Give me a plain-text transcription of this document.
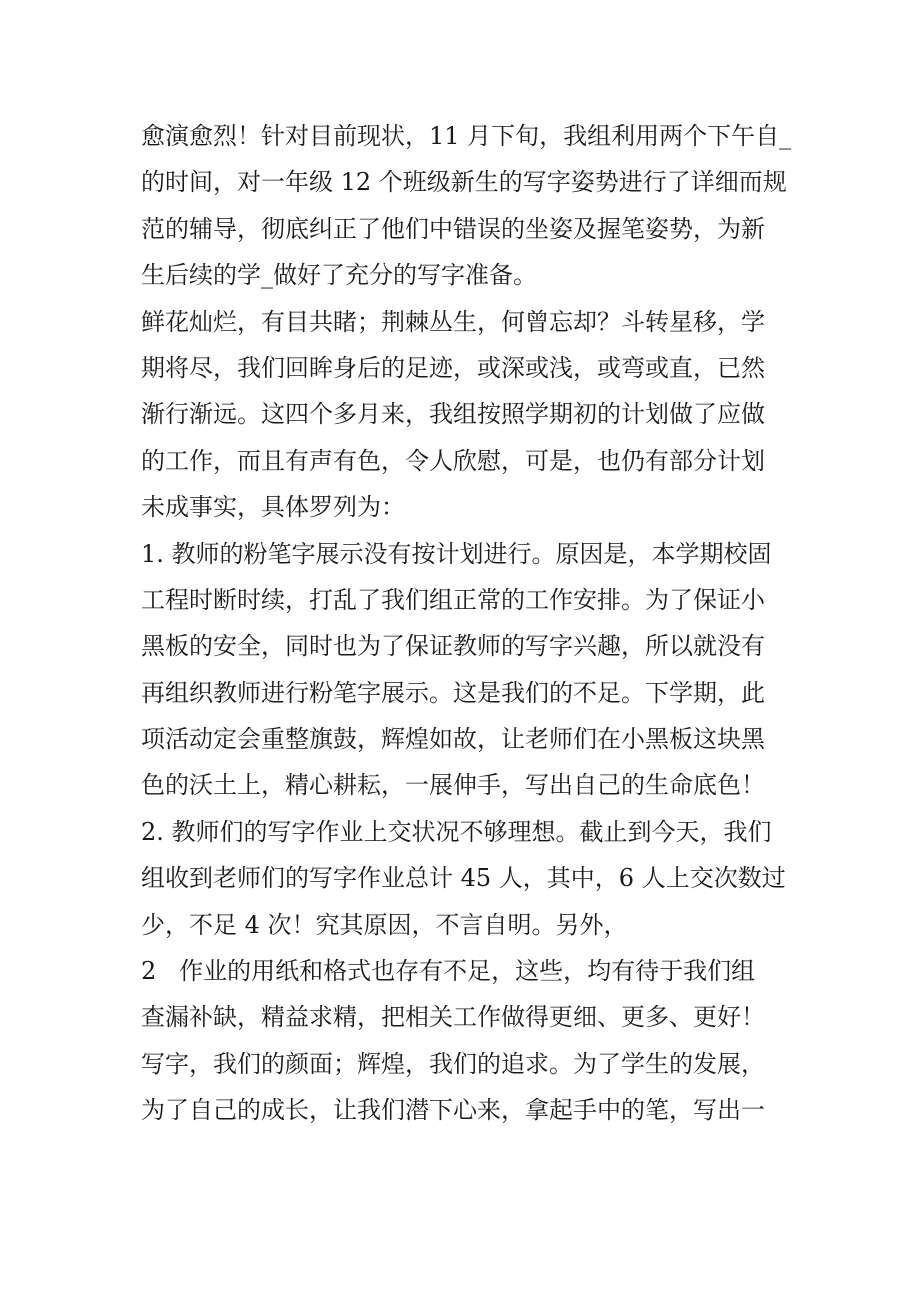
愈演愈烈！针对目前现状，11 月下旬，我组利用两个下午自_
的时间，对一年级 12 个班级新生的写字姿势进行了详细而规
范的辅导，彻底纠正了他们中错误的坐姿及握笔姿势，为新
生后续的学_做好了充分的写字准备。
鲜花灿烂，有目共睹；荆棘丛生，何曾忘却？斗转星移，学
期将尽，我们回眸身后的足迹，或深或浅，或弯或直，已然
渐行渐远。这四个多月来，我组按照学期初的计划做了应做
的工作，而且有声有色，令人欣慰，可是，也仍有部分计划
未成事实，具体罗列为：
1. 教师的粉笔字展示没有按计划进行。原因是，本学期校固
工程时断时续，打乱了我们组正常的工作安排。为了保证小
黑板的安全，同时也为了保证教师的写字兴趣，所以就没有
再组织教师进行粉笔字展示。这是我们的不足。下学期，此
项活动定会重整旗鼓，辉煌如故，让老师们在小黑板这块黑
色的沃土上，精心耕耘，一展伸手，写出自己的生命底色！
2. 教师们的写字作业上交状况不够理想。截止到今天，我们
组收到老师们的写字作业总计 45 人，其中，6 人上交次数过
少，不足 4 次！究其原因，不言自明。另外，
2   作业的用纸和格式也存有不足，这些，均有待于我们组
查漏补缺，精益求精，把相关工作做得更细、更多、更好！
写字，我们的颜面；辉煌，我们的追求。为了学生的发展，
为了自己的成长，让我们潜下心来，拿起手中的笔，写出一
